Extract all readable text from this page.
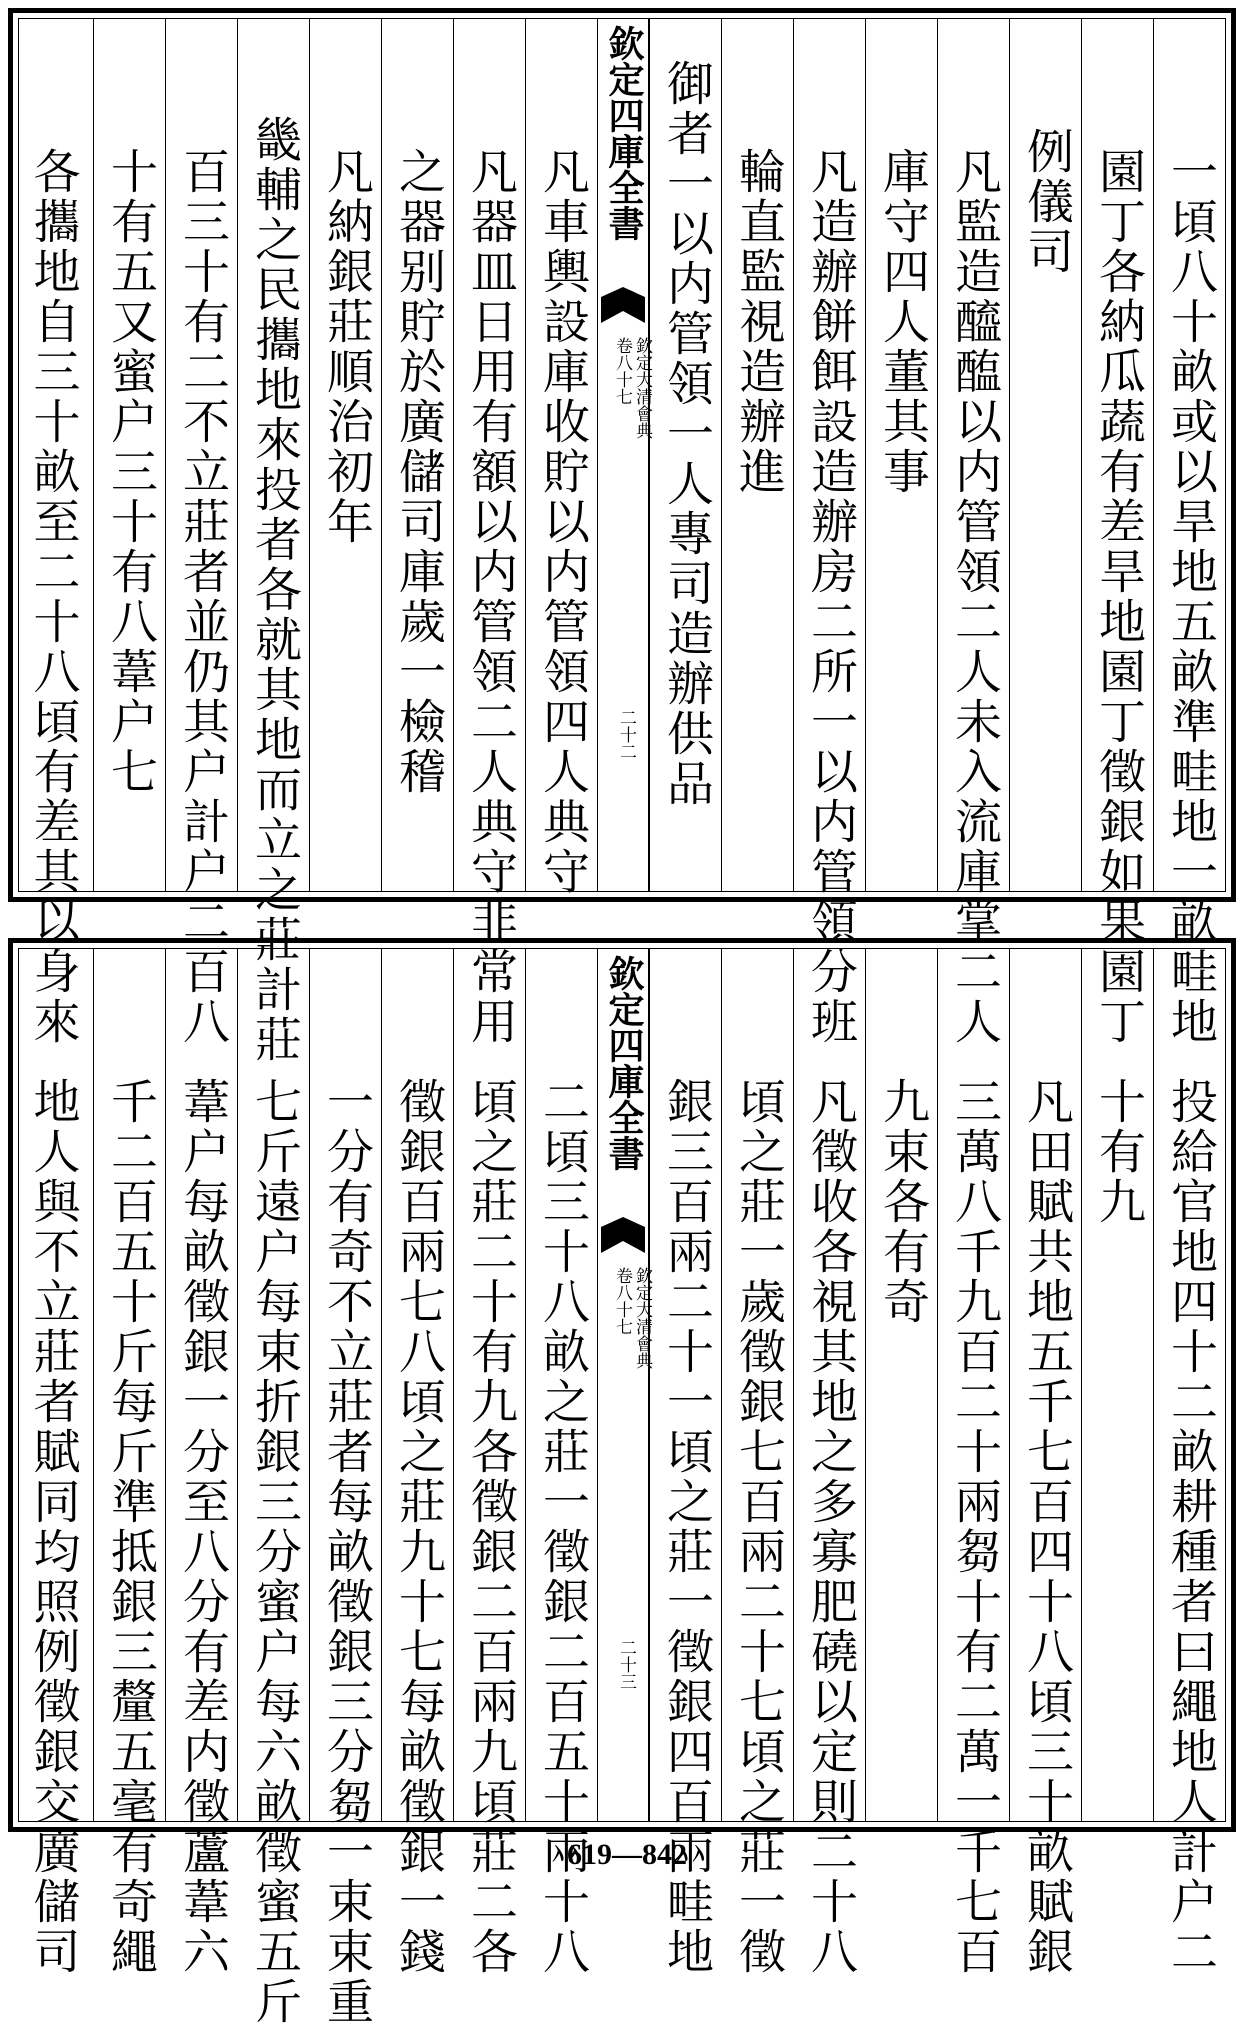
一頃八十畝或以旱地五畝準畦地一畝畦地
園丁各納瓜蔬有差旱地園丁徵銀如果園丁
例儀司
凡監造醯醢以内管領二人未入流庫掌二人
庫守四人董其事
凡造辦餅餌設造辦房二所一以内管領分班
輪直監視造辦進
御者一以内管領一人專司造辦供品
欽定四庫全書
欽定大清會典
卷八十七
二十二
凡車輿設庫收貯以内管領四人典守
凡器皿日用有額以内管領二人典守非常用
之器别貯於廣儲司庫歲一檢稽
凡納銀莊順治初年
畿輔之民攜地來投者各就其地而立之莊計莊
百三十有二不立莊者並仍其户計户二百八
十有五又蜜户三十有八葦户七
各攜地自三十畝至二十八頃有差其以身來
投給官地四十二畝耕種者曰繩地人計户二
十有九
凡田賦共地五千七百四十八頃三十畝賦銀
三萬八千九百二十兩芻十有二萬一千七百
九束各有奇
凡徵收各視其地之多寡肥磽以定則二十八
頃之莊一歲徵銀七百兩二十七頃之莊一徵
銀三百兩二十一頃之莊一徵銀四百兩畦地
欽定四庫全書
欽定大清會典
卷八十七
二十三
二頃三十八畝之莊一徵銀二百五十兩十八
頃之莊二十有九各徵銀二百兩九頃莊二各
徵銀百兩七八頃之莊九十七每畝徵銀一錢
一分有奇不立莊者每畝徵銀三分芻一束束重
七斤遠户每束折銀三分蜜户每六畝徵蜜五斤
葦户每畝徵銀一分至八分有差内徵蘆葦六
千二百五十斤每斤準抵銀三釐五毫有奇繩
地人與不立莊者賦同均照例徵銀交廣儲司	619—842
